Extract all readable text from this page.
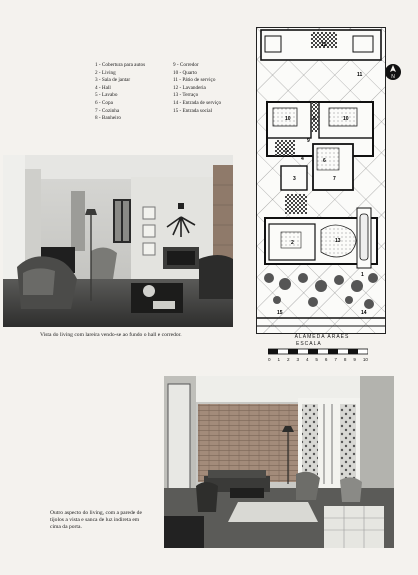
1 - Cobertura para autos
2 - Living
3 - Sala de jantar
4 - Hall
5 - Lavabo
6 - Copa
7 - Cozinha
8 - Banheiro
9 - Corredor
10 - Quarto
11 - Pátio de serviço
12 - Lavanderia
13 - Terraço
14 - Entrada de serviço
15 - Entrada social
N
Vista do living com lareira vendo-se ao fundo o hall e corredor.
10	8	10
9
5
4	6
2
3	7
13
1
15	14
11
12
ALAMEDA ARAÉS
ESCALA
0 1 2 3 4 5 6 7 8 9 10
Outro aspecto do living, com a parede de
tijolos a vista e sanca de luz indireta em
cima da porta.
